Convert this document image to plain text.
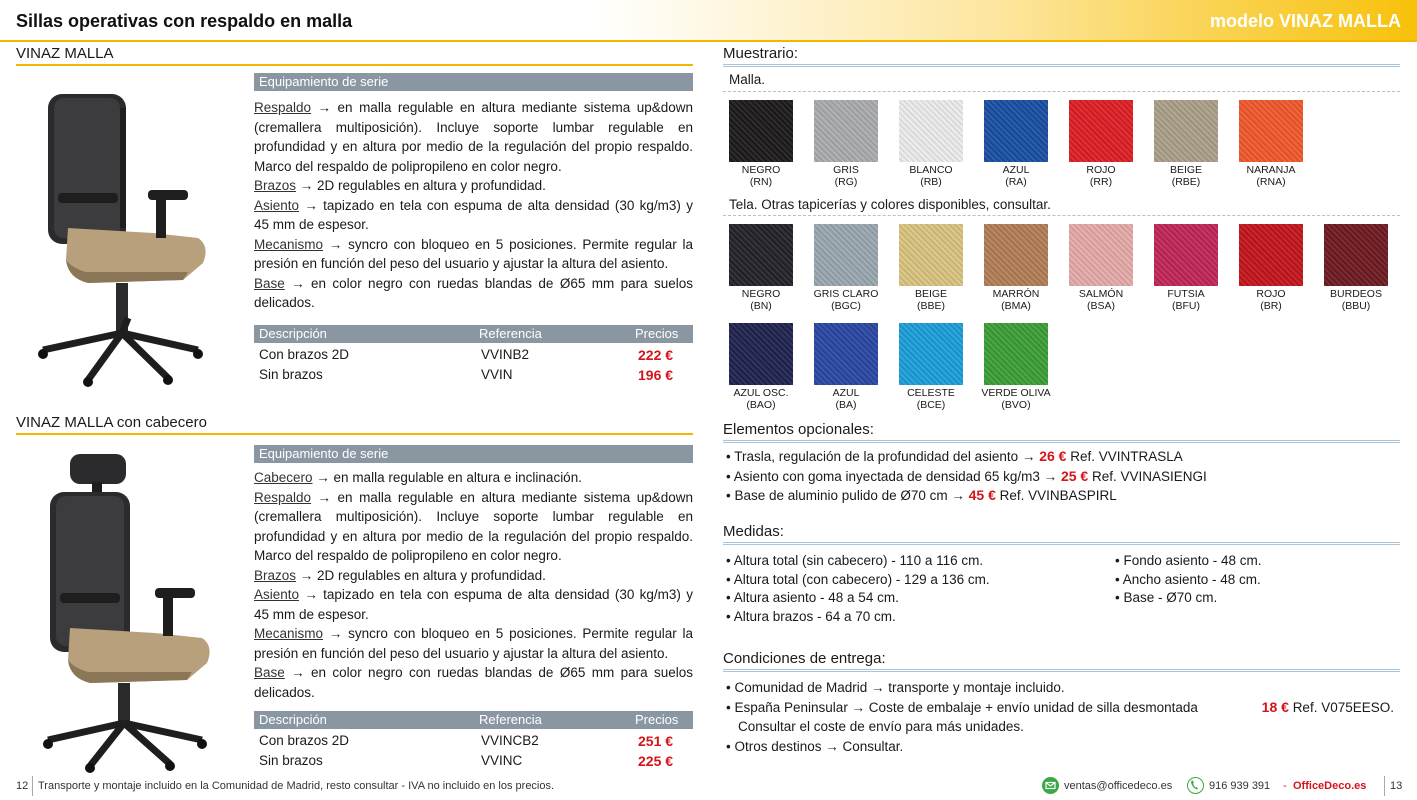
Sillas operativas con respaldo en malla	modelo VINAZ MALLA
VINAZ MALLA
Equipamiento de serie

Respaldo → en malla regulable en altura mediante sistema up&down (cremallera multiposición). Incluye soporte lumbar regulable en profundidad y en altura por medio de la regulación del propio respaldo. Marco del respaldo de polipropileno en color negro.

Brazos → 2D regulables en altura y profundidad.

Asiento → tapizado en tela con espuma de alta densidad (30 kg/m3) y 45 mm de espesor.

Mecanismo → syncro con bloqueo en 5 posiciones. Permite regular la presión en función del peso del usuario y ajustar la altura del asiento.

Base → en color negro con ruedas blandas de Ø65 mm para suelos delicados.

Descripción	Referencia	Precios
Con brazos 2D	VVINB2	222 €
Sin brazos	VVIN	196 €
VINAZ MALLA con cabecero
Equipamiento de serie

Cabecero → en malla regulable en altura e inclinación.

Respaldo → en malla regulable en altura mediante sistema up&down (cremallera multiposición). Incluye soporte lumbar regulable en profundidad y en altura por medio de la regulación del propio respaldo. Marco del respaldo de polipropileno en color negro.

Brazos → 2D regulables en altura y profundidad.

Asiento → tapizado en tela con espuma de alta densidad (30 kg/m3) y 45 mm de espesor.

Mecanismo → syncro con bloqueo en 5 posiciones. Permite regular la presión en función del peso del usuario y ajustar la altura del asiento.

Base → en color negro con ruedas blandas de Ø65 mm para suelos delicados.

Descripción	Referencia	Precios
Con brazos 2D	VVINCB2	251 €
Sin brazos	VVINC	225 €
Muestrario:
Malla.
NEGRO
(RN)
GRIS
(RG)
BLANCO
(RB)
AZUL
(RA)
ROJO
(RR)
BEIGE
(RBE)
NARANJA
(RNA)
Tela. Otras tapicerías y colores disponibles, consultar.
NEGRO
(BN)
GRIS CLARO
(BGC)
BEIGE
(BBE)
MARRÓN
(BMA)
SALMÓN
(BSA)
FUTSIA
(BFU)
ROJO
(BR)
BURDEOS
(BBU)
AZUL OSC.
(BAO)
AZUL
(BA)
CELESTE
(BCE)
VERDE OLIVA
(BVO)
Elementos opcionales:
• Trasla, regulación de la profundidad del asiento → 26 € Ref. VVINTRASLA
• Asiento con goma inyectada de densidad 65 kg/m3 → 25 € Ref. VVINASIENGI
• Base de aluminio pulido de Ø70 cm → 45 € Ref. VVINBASPIRL
Medidas:
• Altura total (sin cabecero) - 110 a 116 cm.
• Altura total (con cabecero) - 129 a 136 cm.
• Altura asiento - 48 a 54 cm.
• Altura brazos - 64 a 70 cm.
• Fondo asiento - 48 cm.
• Ancho asiento - 48 cm.
• Base - Ø70 cm.
Condiciones de entrega:
• Comunidad de Madrid → transporte y montaje incluido.
• España Peninsular → Coste de embalaje + envío unidad de silla desmontada	18 € Ref. V075EESO.
Consultar el coste de envío para más unidades.
• Otros destinos → Consultar.
12 Transporte y montaje incluido en la Comunidad de Madrid, resto consultar - IVA no incluido en los precios.	ventas@officedeco.es	916 939 391 - OfficeDeco.es 13
